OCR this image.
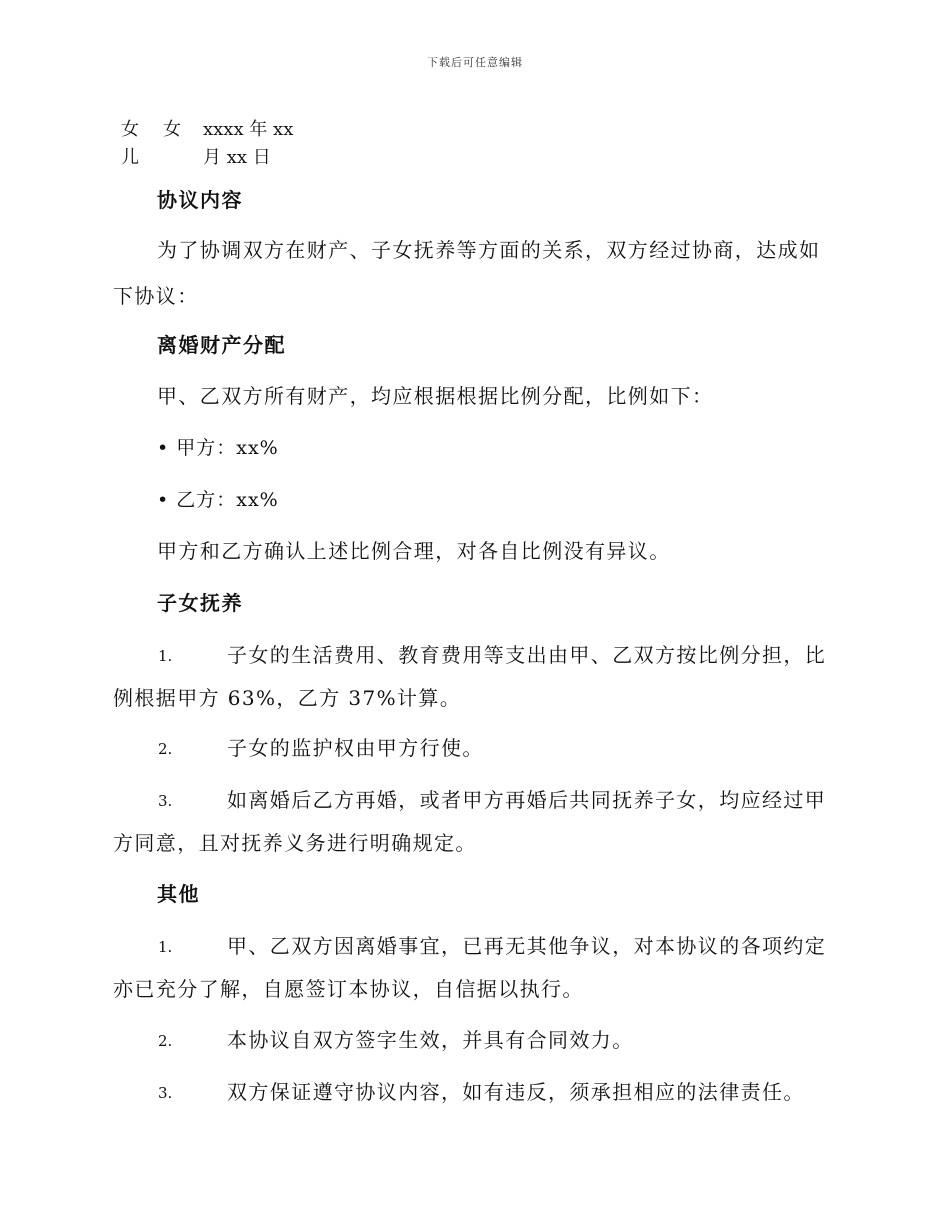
下载后可任意编辑
女 女 xxxx 年 xx
儿	月 xx 日
协议内容
为了协调双方在财产、子女抚养等方面的关系，双方经过协商，达成如
下协议：
离婚财产分配
甲、乙双方所有财产，均应根据根据比例分配，比例如下：
• 甲方：xx%
• 乙方：xx%
甲方和乙方确认上述比例合理，对各自比例没有异议。
子女抚养
1.	子女的生活费用、教育费用等支出由甲、乙双方按比例分担，比
例根据甲方 63%，乙方 37%计算。
2.	子女的监护权由甲方行使。
3.	如离婚后乙方再婚，或者甲方再婚后共同抚养子女，均应经过甲
方同意，且对抚养义务进行明确规定。
其他
1.	甲、乙双方因离婚事宜，已再无其他争议，对本协议的各项约定
亦已充分了解，自愿签订本协议，自信据以执行。
2.	本协议自双方签字生效，并具有合同效力。
3.	双方保证遵守协议内容，如有违反，须承担相应的法律责任。
